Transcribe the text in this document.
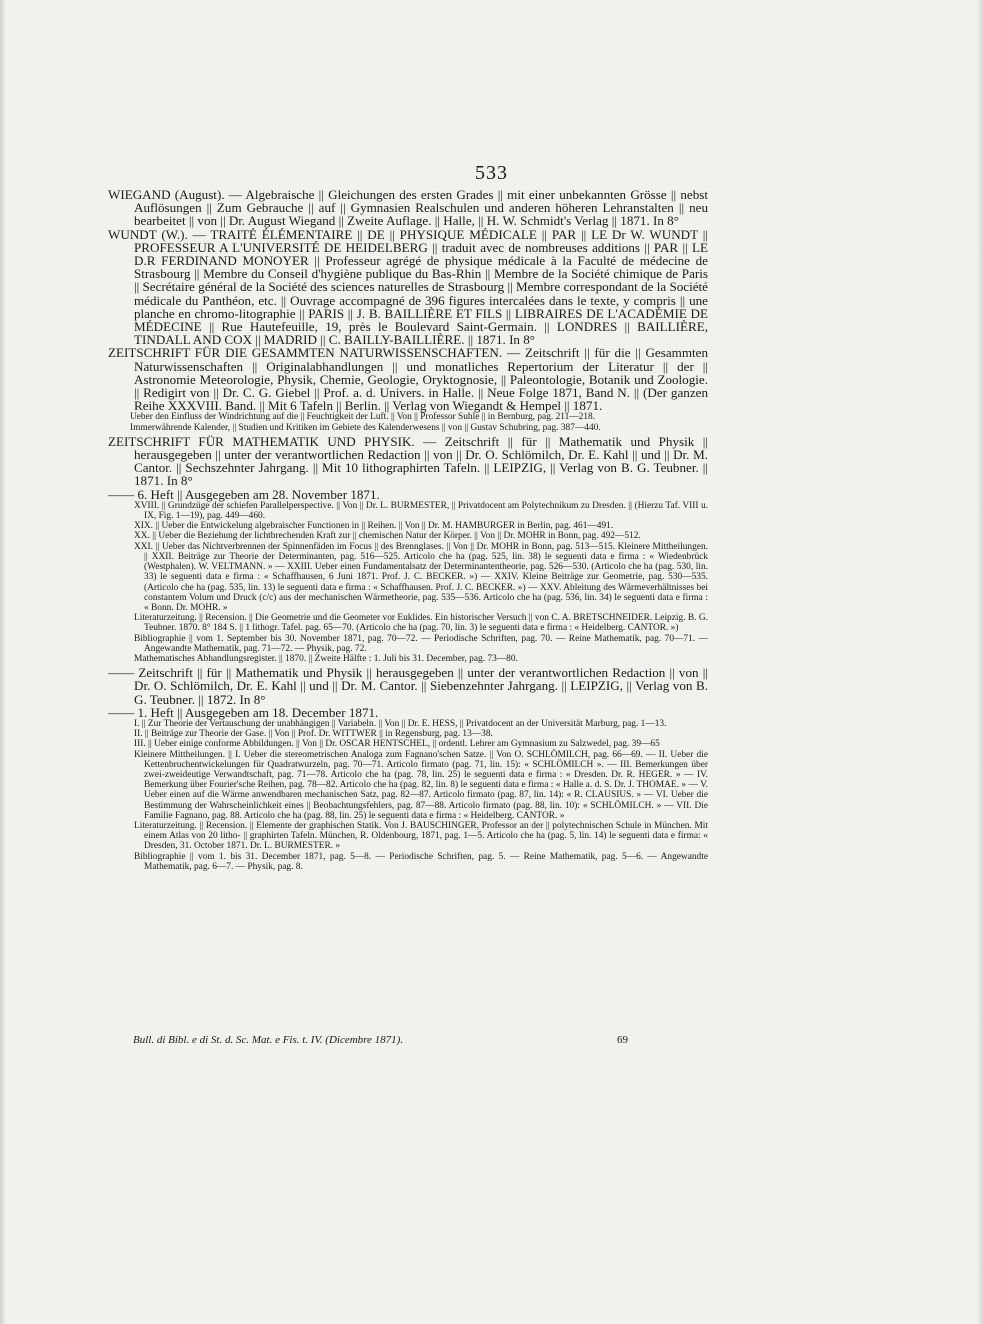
533

WIEGAND (August). — Algebraische || Gleichungen des ersten Grades || mit einer unbekannten Grösse || nebst Auflösungen || Zum Gebrauche || auf || Gymnasien Realschulen und anderen höheren Lehranstalten || neu bearbeitet || von || Dr. August Wiegand || Zweite Auflage. || Halle, || H. W. Schmidt's Verlag || 1871. In 8°

WUNDT (W.). — TRAITÉ ÉLÉMENTAIRE || DE || PHYSIQUE MÉDICALE || PAR || LE Dr W. WUNDT || PROFESSEUR A L'UNIVERSITÉ DE HEIDELBERG || traduit avec de nombreuses additions || PAR || LE D.R FERDINAND MONOYER || Professeur agrégé de physique médicale à la Faculté de médecine de Strasbourg || Membre du Conseil d'hygiène publique du Bas-Rhin || Membre de la Société chimique de Paris || Secrétaire général de la Société des sciences naturelles de Strasbourg || Membre correspondant de la Société médicale du Panthéon, etc. || Ouvrage accompagné de 396 figures intercalées dans le texte, y compris || une planche en chromo-litographie || PARIS || J. B. BAILLIÈRE ET FILS || LIBRAIRES DE L'ACADÉMIE DE MÉDECINE || Rue Hautefeuille, 19, près le Boulevard Saint-Germain. || LONDRES || BAILLIÈRE, TINDALL AND COX || MADRID || C. BAILLY-BAILLIÈRE. || 1871. In 8°

ZEITSCHRIFT FÜR DIE GESAMMTEN NATURWISSENSCHAFTEN. — Zeitschrift || für die || Gesammten Naturwissenschaften || Originalabhandlungen || und monatliches Repertorium der Literatur || der || Astronomie Meteorologie, Physik, Chemie, Geologie, Oryktognosie, || Paleontologie, Botanik und Zoologie. || Redigirt von || Dr. C. G. Giebel || Prof. a. d. Univers. in Halle. || Neue Folge 1871, Band N. || (Der ganzen Reihe XXXVIII. Band. || Mit 6 Tafeln || Berlin. || Verlag von Wiegandt & Hempel || 1871.

Ueber den Einfluss der Windrichtung auf die || Feuchtigkeit der Luft. || Von || Professor Suhle || in Bernburg, pag. 211—218.

Immerwährende Kalender, || Studien und Kritiken im Gebiete des Kalenderwesens || von || Gustav Schubring, pag. 387—440.

ZEITSCHRIFT FÜR MATHEMATIK UND PHYSIK. — Zeitschrift || für || Mathematik und Physik || herausgegeben || unter der verantwortlichen Redaction || von || Dr. O. Schlömilch, Dr. E. Kahl || und || Dr. M. Cantor. || Sechszehnter Jahrgang. || Mit 10 lithographirten Tafeln. || LEIPZIG, || Verlag von B. G. Teubner. || 1871. In 8°

—— 6. Heft || Ausgegeben am 28. November 1871.

XVIII. || Grundzüge der schiefen Parallelperspective. || Von || Dr. L. BURMESTER, || Privatdocent am Polytechnikum zu Dresden. || (Hierzu Taf. VIII u. IX, Fig. 1—19), pag. 449—460.

XIX. || Ueber die Entwickelung algebraischer Functionen in || Reihen. || Von || Dr. M. HAMBURGER in Berlin, pag. 461—491.

XX. || Ueber die Beziehung der lichtbrechenden Kraft zur || chemischen Natur der Körper. || Von || Dr. MOHR in Bonn, pag. 492—512.

XXI. || Ueber das Nichtverbrennen der Spinnenfäden im Focus || des Brennglases. || Von || Dr. MOHR in Bonn, pag. 513—515. Kleinere Mittheilungen. || XXII. Beiträge zur Theorie der Determinanten, pag. 516—525. Articolo che ha (pag. 525, lin. 38) le seguenti data e firma : « Wiedenbrück (Westphalen). W. VELTMANN. » — XXIII. Ueber einen Fundamentalsatz der Determinantentheorie, pag. 526—530. (Articolo che ha (pag. 530, lin. 33) le seguenti data e firma : « Schaffhausen, 6 Juni 1871. Prof. J. C. BECKER. ») — XXIV. Kleine Beiträge zur Geometrie, pag. 530—535. (Articolo che ha (pag. 535, lin. 13) le seguenti data e firma : « Schaffhausen. Prof. J. C. BECKER. ») — XXV. Ableitung des Wärmeverhältnisses bei constantem Volum und Druck (c/c) aus der mechanischen Wärmetheorie, pag. 535—536. Articolo che ha (pag. 536, lin. 34) le seguenti data e firma : « Bonn. Dr. MOHR. »

Literaturzeitung. || Recension. || Die Geometrie und die Geometer vor Euklides. Ein historischer Versuch || von C. A. BRETSCHNEIDER. Leipzig. B. G. Teubner. 1870. 8° 184 S. || 1 lithogr. Tafel. pag. 65—70. (Articolo che ha (pag. 70, lin. 3) le seguenti data e firma : « Heidelberg. CANTOR. »)

Bibliographie || vom 1. September bis 30. November 1871, pag. 70—72. — Periodische Schriften, pag. 70. — Reine Mathematik, pag. 70—71. — Angewandte Mathematik, pag. 71—72. — Physik, pag. 72.

Mathematisches Abhandlungsregister. || 1870. || Zweite Hälfte : 1. Juli bis 31. December, pag. 73—80.

—— Zeitschrift || für || Mathematik und Physik || herausgegeben || unter der verantwortlichen Redaction || von || Dr. O. Schlömilch, Dr. E. Kahl || und || Dr. M. Cantor. || Siebenzehnter Jahrgang. || LEIPZIG, || Verlag von B. G. Teubner. || 1872. In 8°

—— 1. Heft || Ausgegeben am 18. December 1871.

I. || Zur Theorie der Vertauschung der unabhängigen || Variabeln. || Von || Dr. E. HESS, || Privatdocent an der Universität Marburg, pag. 1—13.

II. || Beiträge zur Theorie der Gase. || Von || Prof. Dr. WITTWER || in Regensburg, pag. 13—38.

III. || Ueber einige conforme Abbildungen. || Von || Dr. OSCAR HENTSCHEL, || ordentl. Lehrer am Gymnasium zu Salzwedel, pag. 39—65

Kleinere Mittheilungen. || I. Ueber die stereometrischen Analoga zum Fagnano'schen Satze. || Von O. SCHLÖMILCH, pag. 66—69. — II. Ueber die Kettenbruchentwickelungen für Quadratwurzeln, pag. 70—71. Articolo firmato (pag. 71, lin. 15): « SCHLÖMILCH ». — III. Bemerkungen über zwei-zweideutige Verwandtschaft, pag. 71—78. Articolo che ha (pag. 78, lin. 25) le seguenti data e firma : « Dresden. Dr. R. HEGER. » — IV. Bemerkung über Fourier'sche Reihen, pag. 78—82. Articolo che ha (pag. 82, lin. 8) le seguenti data e firma : « Halle a. d. S. Dr. J. THOMAE. » — V. Ueber einen auf die Wärme anwendbaren mechanischen Satz, pag. 82—87. Articolo firmato (pag. 87, lin. 14): « R. CLAUSIUS. » — VI. Ueber die Bestimmung der Wahrscheinlichkeit eines || Beobachtungsfehlers, pag. 87—88. Articolo firmato (pag. 88, lin. 10): « SCHLÖMILCH. » — VII. Die Familie Fagnano, pag. 88. Articolo che ha (pag. 88, lin. 25) le seguenti data e firma : « Heidelberg. CANTOR. »

Literaturzeitung. || Recension. || Elemente der graphischen Statik. Von J. BAUSCHINGER, Professor an der || polytechnischen Schule in München. Mit einem Atlas von 20 litho- || graphirten Tafeln. München, R. Oldenbourg, 1871, pag. 1—5. Articolo che ha (pag. 5, lin. 14) le seguenti data e firma: « Dresden, 31. October 1871. Dr. L. BURMESTER. »

Bibliographie || vom 1. bis 31. December 1871, pag. 5—8. — Periodische Schriften, pag. 5. — Reine Mathematik, pag. 5—6. — Angewandte Mathematik, pag. 6—7. — Physik, pag. 8.

Bull. di Bibl. e di St. d. Sc. Mat. e Fis. t. IV. (Dicembre 1871).	69
